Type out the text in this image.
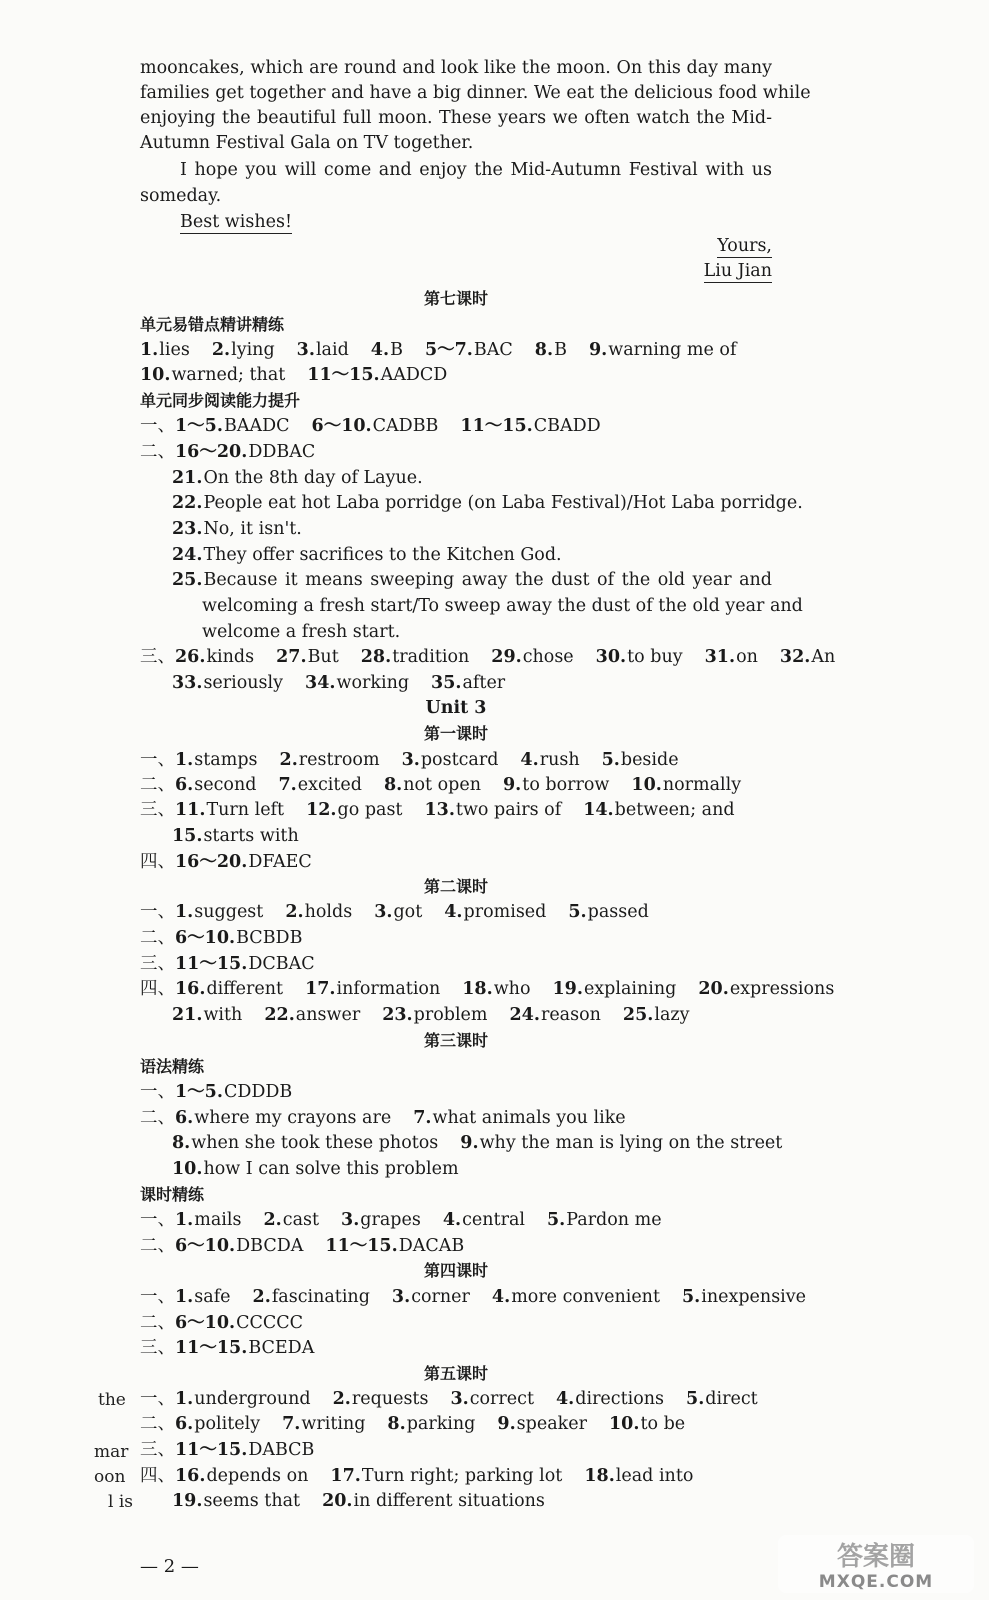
mooncakes, which are round and look like the moon. On this day many
families get together and have a big dinner. We eat the delicious food while
enjoying the beautiful full moon. These years we often watch the Mid-
Autumn Festival Gala on TV together.
I hope you will come and enjoy the Mid-Autumn Festival with us
someday.
Best wishes!
Yours,
Liu Jian
第七课时
单元易错点精讲精练
1.lies 2.lying 3.laid 4.B 5～7.BAC 8.B 9.warning me of
10.warned; that 11～15.AADCD
单元同步阅读能力提升
一、1～5.BAADC 6～10.CADBB 11～15.CBADD
二、16～20.DDBAC
21.On the 8th day of Layue.
22.People eat hot Laba porridge (on Laba Festival)/Hot Laba porridge.
23.No, it isn't.
24.They offer sacrifices to the Kitchen God.
25.Because it means sweeping away the dust of the old year and
welcoming a fresh start/To sweep away the dust of the old year and
welcome a fresh start.
三、26.kinds 27.But 28.tradition 29.chose 30.to buy 31.on 32.An
33.seriously 34.working 35.after
Unit 3
第一课时
一、1.stamps 2.restroom 3.postcard 4.rush 5.beside
二、6.second 7.excited 8.not open 9.to borrow 10.normally
三、11.Turn left 12.go past 13.two pairs of 14.between; and
15.starts with
四、16～20.DFAEC
第二课时
一、1.suggest 2.holds 3.got 4.promised 5.passed
二、6～10.BCBDB
三、11～15.DCBAC
四、16.different 17.information 18.who 19.explaining 20.expressions
21.with 22.answer 23.problem 24.reason 25.lazy
第三课时
语法精练
一、1～5.CDDDB
二、6.where my crayons are 7.what animals you like
8.when she took these photos 9.why the man is lying on the street
10.how I can solve this problem
课时精练
一、1.mails 2.cast 3.grapes 4.central 5.Pardon me
二、6～10.DBCDA 11～15.DACAB
第四课时
一、1.safe 2.fascinating 3.corner 4.more convenient 5.inexpensive
二、6～10.CCCCC
三、11～15.BCEDA
第五课时
一、1.underground 2.requests 3.correct 4.directions 5.direct
二、6.politely 7.writing 8.parking 9.speaker 10.to be
三、11～15.DABCB
四、16.depends on 17.Turn right; parking lot 18.lead into
19.seems that 20.in different situations
the
mar
oon
l is
— 2 —	答案圈
MXQE.COM
